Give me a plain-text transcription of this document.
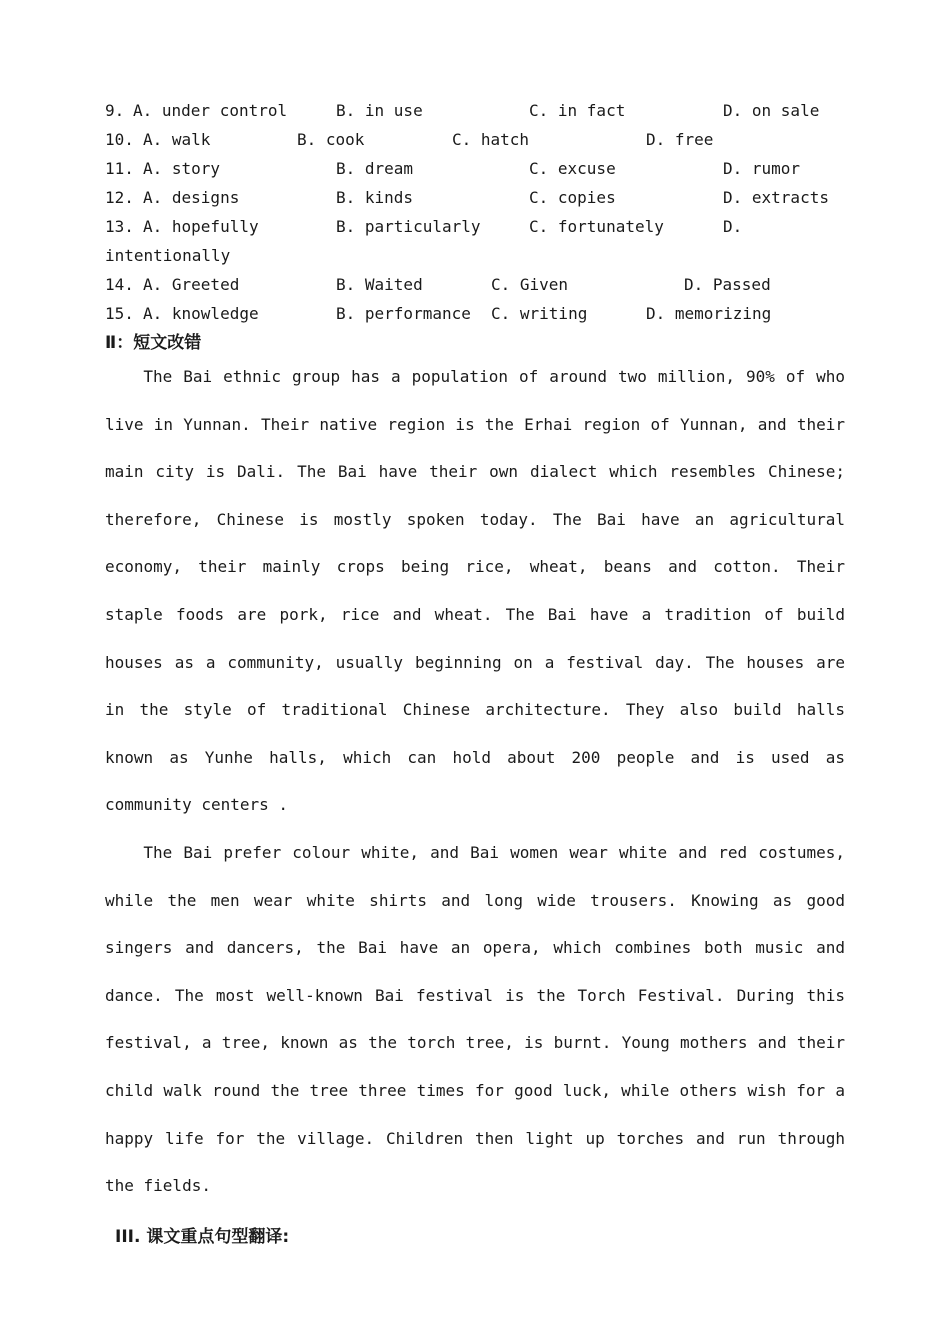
9. A. under control	B. in use	C. in fact	D. on sale
10. A. walk	B. cook	C. hatch	D. free
11. A. story	B. dream	C. excuse	D. rumor
12. A. designs	B. kinds	C. copies	D. extracts
13. A. hopefully	B. particularly	C. fortunately	D.
intentionally
14. A. Greeted	B. Waited	C. Given	D. Passed
15. A. knowledge	B. performance C. writing	D. memorizing
Ⅱ：短文改错

The Bai ethnic group has a population of around two million, 90% of who live in Yunnan. Their native region is the Erhai region of Yunnan, and their main city is Dali. The Bai have their own dialect which resembles Chinese; therefore, Chinese is mostly spoken today. The Bai have an agricultural economy, their mainly crops being rice, wheat, beans and cotton. Their staple foods are pork, rice and wheat. The Bai have a tradition of build houses as a community, usually beginning on a festival day. The houses are in the style of traditional Chinese architecture. They also build halls known as Yunhe halls, which can hold about 200 people and is used as community centers .

The Bai prefer colour white, and Bai women wear white and red costumes, while the men wear white shirts and long wide trousers. Knowing as good singers and dancers, the Bai have an opera, which combines both music and dance. The most well-known Bai festival is the Torch Festival. During this festival, a tree, known as the torch tree, is burnt. Young mothers and their child walk round the tree three times for good luck, while others wish for a happy life for the village. Children then light up torches and run through the fields.

III. 课文重点句型翻译:
